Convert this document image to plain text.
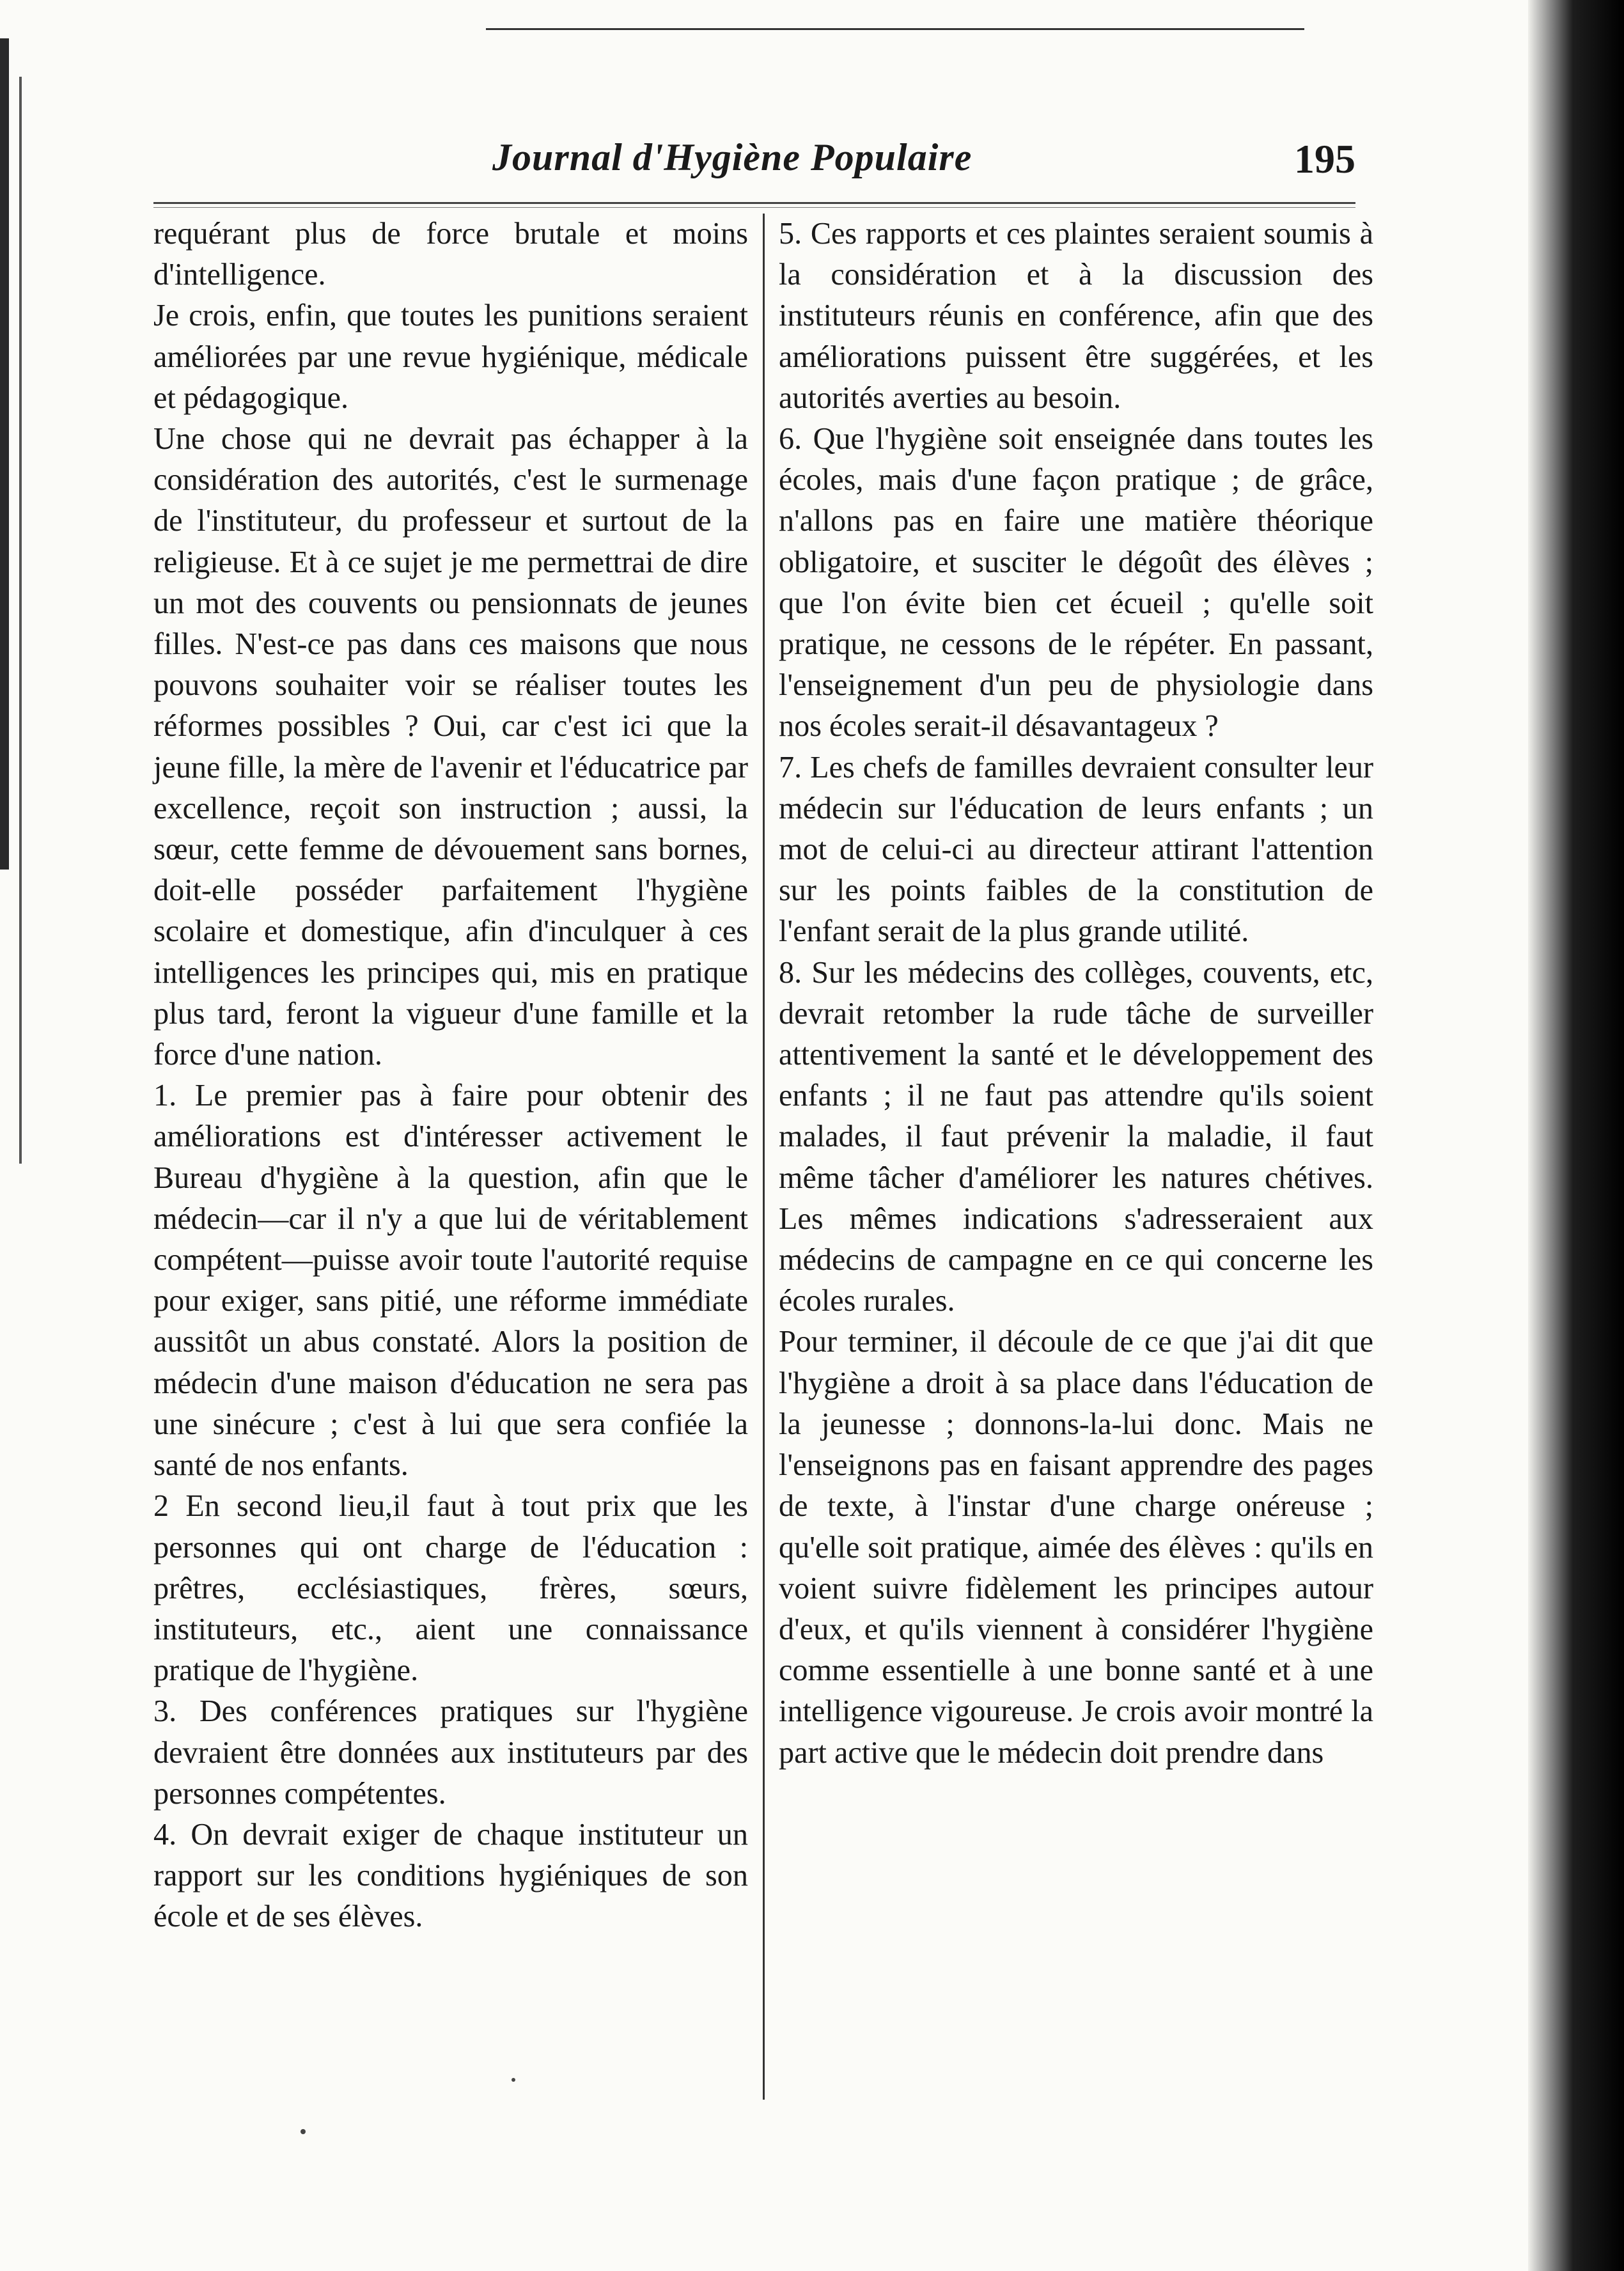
Journal d'Hygiène Populaire	195

requérant plus de force brutale et moins d'intelligence.

Je crois, enfin, que toutes les punitions seraient améliorées par une revue hygiénique, médicale et pédagogique.

Une chose qui ne devrait pas échapper à la considération des autorités, c'est le surmenage de l'instituteur, du professeur et surtout de la religieuse. Et à ce sujet je me permettrai de dire un mot des couvents ou pensionnats de jeunes filles. N'est-ce pas dans ces maisons que nous pouvons souhaiter voir se réaliser toutes les réformes possibles ? Oui, car c'est ici que la jeune fille, la mère de l'avenir et l'éducatrice par excellence, reçoit son instruction ; aussi, la sœur, cette femme de dévouement sans bornes, doit-elle posséder parfaitement l'hygiène scolaire et domestique, afin d'inculquer à ces intelligences les principes qui, mis en pratique plus tard, feront la vigueur d'une famille et la force d'une nation.

1. Le premier pas à faire pour obtenir des améliorations est d'intéresser activement le Bureau d'hygiène à la question, afin que le médecin—car il n'y a que lui de véritablement compétent—puisse avoir toute l'autorité requise pour exiger, sans pitié, une réforme immédiate aussitôt un abus constaté. Alors la position de médecin d'une maison d'éducation ne sera pas une sinécure ; c'est à lui que sera confiée la santé de nos enfants.

2 En second lieu,il faut à tout prix que les personnes qui ont charge de l'éducation : prêtres, ecclésiastiques, frères, sœurs, instituteurs, etc., aient une connaissance pratique de l'hygiène.

3. Des conférences pratiques sur l'hygiène devraient être données aux instituteurs par des personnes compétentes.

4. On devrait exiger de chaque instituteur un rapport sur les conditions hygiéniques de son école et de ses élèves.

5. Ces rapports et ces plaintes seraient soumis à la considération et à la discussion des instituteurs réunis en conférence, afin que des améliorations puissent être suggérées, et les autorités averties au besoin.

6. Que l'hygiène soit enseignée dans toutes les écoles, mais d'une façon pratique ; de grâce, n'allons pas en faire une matière théorique obligatoire, et susciter le dégoût des élèves ; que l'on évite bien cet écueil ; qu'elle soit pratique, ne cessons de le répéter. En passant, l'enseignement d'un peu de physiologie dans nos écoles serait-il désavantageux ?

7. Les chefs de familles devraient consulter leur médecin sur l'éducation de leurs enfants ; un mot de celui-ci au directeur attirant l'attention sur les points faibles de la constitution de l'enfant serait de la plus grande utilité.

8. Sur les médecins des collèges, couvents, etc, devrait retomber la rude tâche de surveiller attentivement la santé et le développement des enfants ; il ne faut pas attendre qu'ils soient malades, il faut prévenir la maladie, il faut même tâcher d'améliorer les natures chétives. Les mêmes indications s'adresseraient aux médecins de campagne en ce qui concerne les écoles rurales.

Pour terminer, il découle de ce que j'ai dit que l'hygiène a droit à sa place dans l'éducation de la jeunesse ; donnons-la-lui donc. Mais ne l'enseignons pas en faisant apprendre des pages de texte, à l'instar d'une charge onéreuse ; qu'elle soit pratique, aimée des élèves : qu'ils en voient suivre fidèlement les principes autour d'eux, et qu'ils viennent à considérer l'hygiène comme essentielle à une bonne santé et à une intelligence vigoureuse. Je crois avoir montré la part active que le médecin doit prendre dans
